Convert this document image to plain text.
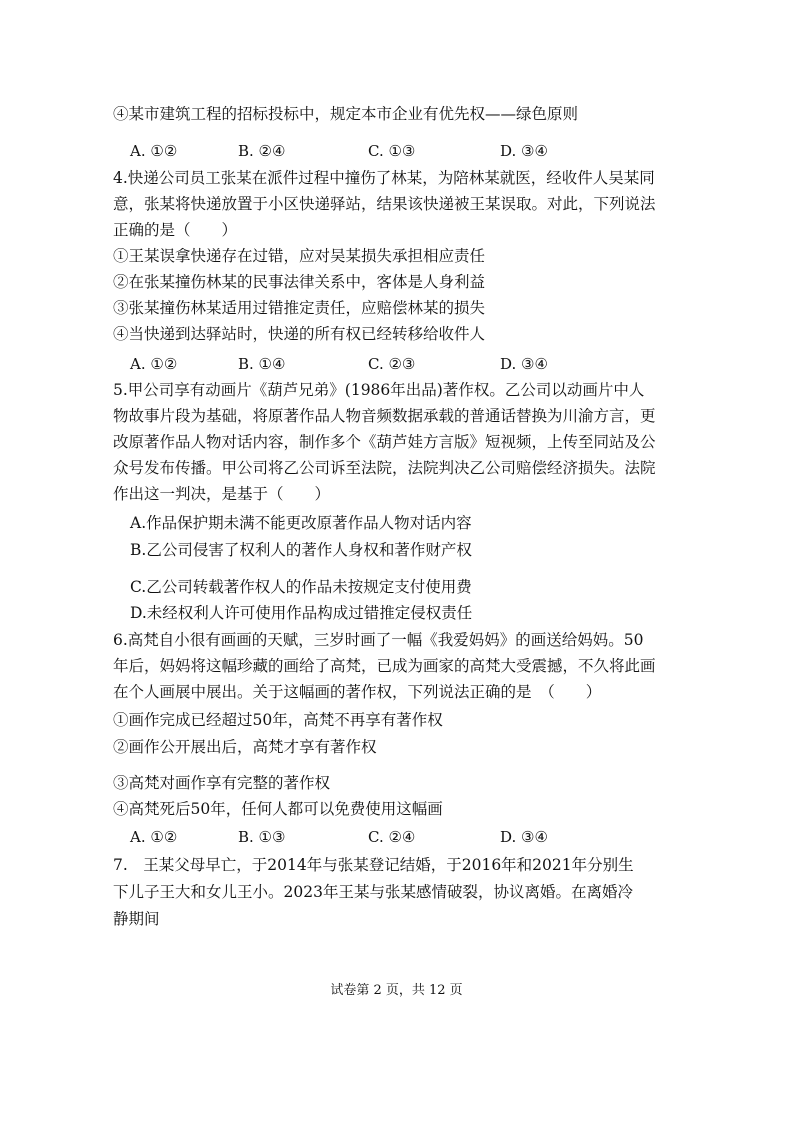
④某市建筑工程的招标投标中，规定本市企业有优先权——绿色原则
A. ①②	B. ②④	C. ①③	D. ③④
4.快递公司员工张某在派件过程中撞伤了林某，为陪林某就医，经收件人吴某同
意，张某将快递放置于小区快递驿站，结果该快递被王某误取。对此，下列说法
正确的是（　　）
①王某误拿快递存在过错，应对吴某损失承担相应责任
②在张某撞伤林某的民事法律关系中，客体是人身利益
③张某撞伤林某适用过错推定责任，应赔偿林某的损失
④当快递到达驿站时，快递的所有权已经转移给收件人
A. ①②	B. ①④	C. ②③	D. ③④
5.甲公司享有动画片《葫芦兄弟》(1986年出品)著作权。乙公司以动画片中人
物故事片段为基础，将原著作品人物音频数据承载的普通话替换为川渝方言，更
改原著作品人物对话内容，制作多个《葫芦娃方言版》短视频，上传至同站及公
众号发布传播。甲公司将乙公司诉至法院，法院判决乙公司赔偿经济损失。法院
作出这一判决，是基于（　　）
A.作品保护期未满不能更改原著作品人物对话内容
B.乙公司侵害了权利人的著作人身权和著作财产权
C.乙公司转载著作权人的作品未按规定支付使用费
D.未经权利人许可使用作品构成过错推定侵权责任
6.高梵自小很有画画的天赋，三岁时画了一幅《我爱妈妈》的画送给妈妈。50
年后，妈妈将这幅珍藏的画给了高梵，已成为画家的高梵大受震撼，不久将此画
在个人画展中展出。关于这幅画的著作权，下列说法正确的是　（　　）
①画作完成已经超过50年，高梵不再享有著作权
②画作公开展出后，高梵才享有著作权
③高梵对画作享有完整的著作权
④高梵死后50年，任何人都可以免费使用这幅画
A. ①②	B. ①③	C. ②④	D. ③④
7.　王某父母早亡，于2014年与张某登记结婚，于2016年和2021年分别生
下儿子王大和女儿王小。2023年王某与张某感情破裂，协议离婚。在离婚冷
静期间
试卷第 2 页，共 12 页
